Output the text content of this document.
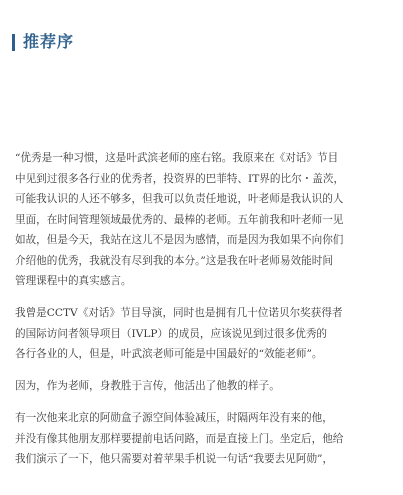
推荐序

“优秀是一种习惯，这是叶武滨老师的座右铭。我原来在《对话》节目
中见到过很多各行业的优秀者，投资界的巴菲特、IT界的比尔・盖茨，
可能我认识的人还不够多，但我可以负责任地说，叶老师是我认识的人
里面，在时间管理领域最优秀的、最棒的老师。五年前我和叶老师一见
如故，但是今天，我站在这儿不是因为感情，而是因为我如果不向你们
介绍他的优秀，我就没有尽到我的本分。”这是我在叶老师易效能时间
管理课程中的真实感言。

我曾是CCTV《对话》节目导演，同时也是拥有几十位诺贝尔奖获得者
的国际访问者领导项目（IVLP）的成员，应该说见到过很多优秀的
各行各业的人，但是，叶武滨老师可能是中国最好的“效能老师”。

因为，作为老师，身教胜于言传，他活出了他教的样子。

有一次他来北京的阿勋盒子源空间体验减压，时隔两年没有来的他，
并没有像其他朋友那样要提前电话问路，而是直接上门。坐定后，他给
我们演示了一下，他只需要对着苹果手机说一句话“我要去见阿勋”，
